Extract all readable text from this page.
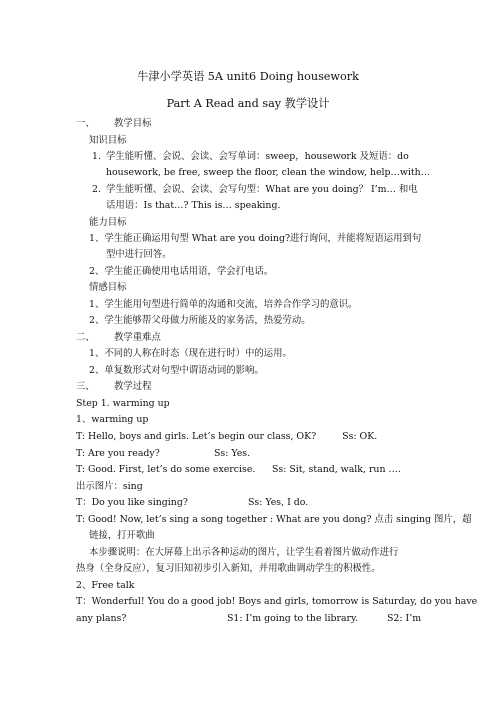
牛津小学英语 5A unit6 Doing housework
Part A Read and say 教学设计
一、 教学目标
知识目标
1. 学生能听懂、会说、会读、会写单词：sweep，housework 及短语：do
housework, be free, sweep the floor, clean the window, help…with…
2. 学生能听懂、会说、会读、会写句型：What are you doing？ I’m… 和电
话用语：Is that…? This is… speaking.
能力目标
1、学生能正确运用句型 What are you doing?进行询问，并能将短语运用到句
型中进行回答。
2、学生能正确使用电话用语，学会打电话。
情感目标
1、学生能用句型进行简单的沟通和交流，培养合作学习的意识。
2、学生能够帮父母做力所能及的家务活，热爱劳动。
二、 教学重难点
1、不同的人称在时态（现在进行时）中的运用。
2、单复数形式对句型中谓语动词的影响。
三、 教学过程
Step 1. warming up
1、warming up
T: Hello, boys and girls. Let’s begin our class, OK?	Ss: OK.
T: Are you ready?	Ss: Yes.
T: Good. First, let’s do some exercise. Ss: Sit, stand, walk, run ….
出示图片：sing
T：Do you like singing?	Ss: Yes, I do.
T: Good! Now, let’s sing a song together : What are you dong? 点击 singing 图片，超
链接，打开歌曲
本步骤说明：在大屏幕上出示各种运动的图片，让学生看着图片做动作进行
热身（全身反应），复习旧知初步引入新知，并用歌曲调动学生的积极性。
2、Free talk
T：Wonderful! You do a good job! Boys and girls, tomorrow is Saturday, do you have
any plans?	S1: I’m going to the library.	S2: I’m
